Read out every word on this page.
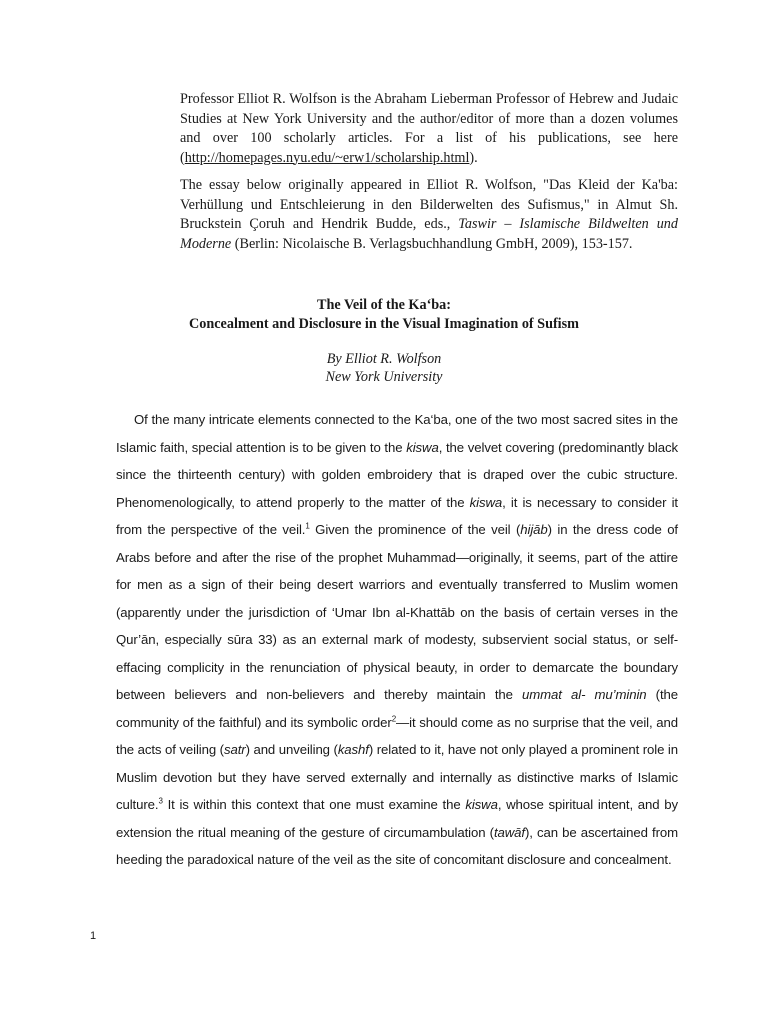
Professor Elliot R. Wolfson is the Abraham Lieberman Professor of Hebrew and Judaic Studies at New York University and the author/editor of more than a dozen volumes and over 100 scholarly articles. For a list of his publications, see here (http://homepages.nyu.edu/~erw1/scholarship.html).

The essay below originally appeared in Elliot R. Wolfson, "Das Kleid der Ka'ba: Verhüllung und Entschleierung in den Bilderwelten des Sufismus," in Almut Sh. Bruckstein Çoruh and Hendrik Budde, eds., Taswir – Islamische Bildwelten und Moderne (Berlin: Nicolaische B. Verlagsbuchhandlung GmbH, 2009), 153-157.

The Veil of the Ka‘ba:

Concealment and Disclosure in the Visual Imagination of Sufism

By Elliot R. Wolfson

New York University

Of the many intricate elements connected to the Ka‘ba, one of the two most sacred sites in the Islamic faith, special attention is to be given to the kiswa, the velvet covering (predominantly black since the thirteenth century) with golden embroidery that is draped over the cubic structure. Phenomenologically, to attend properly to the matter of the kiswa, it is necessary to consider it from the perspective of the veil.$^1$ Given the prominence of the veil (hijāb) in the dress code of Arabs before and after the rise of the prophet Muhammad—originally, it seems, part of the attire for men as a sign of their being desert warriors and eventually transferred to Muslim women (apparently under the jurisdiction of ‘Umar Ibn al-Khattāb on the basis of certain verses in the Qur’ān, especially sūra 33) as an external mark of modesty, subservient social status, or self-effacing complicity in the renunciation of physical beauty, in order to demarcate the boundary between believers and non-believers and thereby maintain the ummat al- mu’minin (the community of the faithful) and its symbolic order$^2$—it should come as no surprise that the veil, and the acts of veiling (satr) and unveiling (kashf) related to it, have not only played a prominent role in Muslim devotion but they have served externally and internally as distinctive marks of Islamic culture.$^3$ It is within this context that one must examine the kiswa, whose spiritual intent, and by extension the ritual meaning of the gesture of circumambulation (tawāf), can be ascertained from heeding the paradoxical nature of the veil as the site of concomitant disclosure and concealment.

1
